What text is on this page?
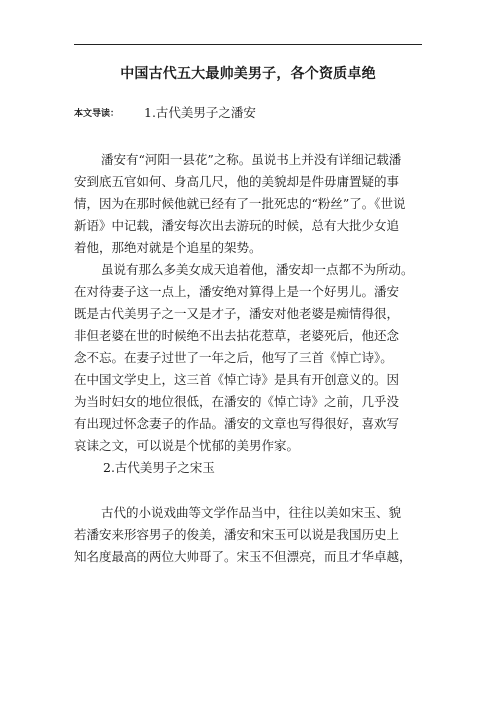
中国古代五大最帅美男子，各个资质卓绝
本文导读： 1.古代美男子之潘安
潘安有“河阳一县花”之称。虽说书上并没有详细记载潘
安到底五官如何、身高几尺，他的美貌却是件毋庸置疑的事
情，因为在那时候他就已经有了一批死忠的“粉丝”了。《世说
新语》中记载，潘安每次出去游玩的时候，总有大批少女追
着他，那绝对就是个追星的架势。
虽说有那么多美女成天追着他，潘安却一点都不为所动。
在对待妻子这一点上，潘安绝对算得上是一个好男儿。潘安
既是古代美男子之一又是才子，潘安对他老婆是痴情得很，
非但老婆在世的时候绝不出去拈花惹草，老婆死后，他还念
念不忘。在妻子过世了一年之后，他写了三首《悼亡诗》。
在中国文学史上，这三首《悼亡诗》是具有开创意义的。因
为当时妇女的地位很低，在潘安的《悼亡诗》之前，几乎没
有出现过怀念妻子的作品。潘安的文章也写得很好，喜欢写
哀诔之文，可以说是个忧郁的美男作家。
2.古代美男子之宋玉
古代的小说戏曲等文学作品当中，往往以美如宋玉、貌
若潘安来形容男子的俊美，潘安和宋玉可以说是我国历史上
知名度最高的两位大帅哥了。宋玉不但漂亮，而且才华卓越，
